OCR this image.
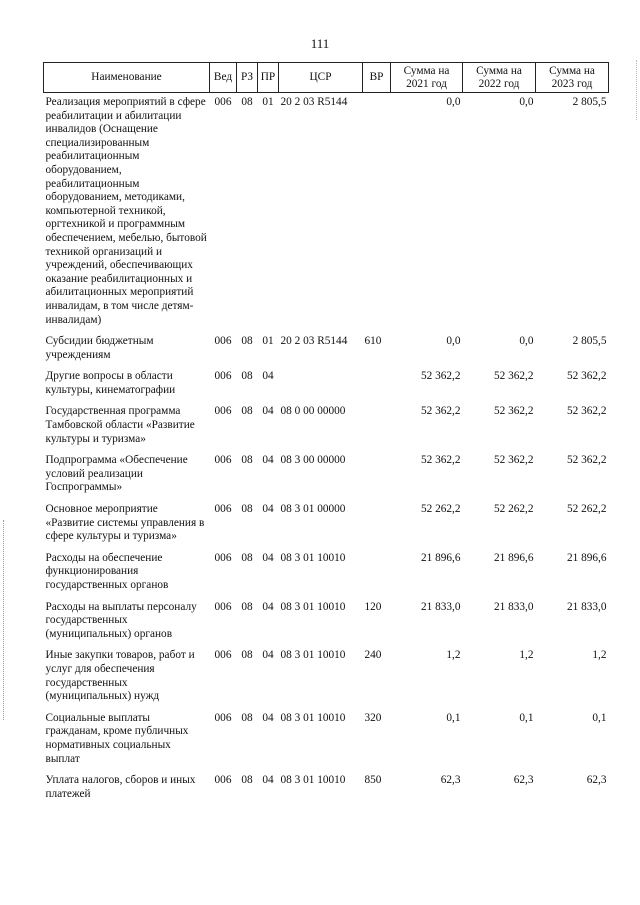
111
Наименование	Вед	РЗ	ПР	ЦСР	ВР	Сумма на 2021 год	Сумма на 2022 год	Сумма на 2023 год
Реализация мероприятий в сфере реабилитации и абилитации инвалидов (Оснащение специализированным реабилитационным оборудованием, реабилитационным оборудованием, методиками, компьютерной техникой, оргтехникой и программным обеспечением, мебелью, бытовой техникой организаций и учреждений, обеспечивающих оказание реабилитационных и абилитационных мероприятий инвалидам, в том числе детям-инвалидам)	006	08	01	20 2 03 R5144		0,0	0,0	2 805,5
Субсидии бюджетным учреждениям	006	08	01	20 2 03 R5144	610	0,0	0,0	2 805,5
Другие вопросы в области культуры, кинематографии	006	08	04			52 362,2	52 362,2	52 362,2
Государственная программа Тамбовской области «Развитие культуры и туризма»	006	08	04	08 0 00 00000		52 362,2	52 362,2	52 362,2
Подпрограмма «Обеспечение условий реализации Госпрограммы»	006	08	04	08 3 00 00000		52 362,2	52 362,2	52 362,2
Основное мероприятие «Развитие системы управления в сфере культуры и туризма»	006	08	04	08 3 01 00000		52 262,2	52 262,2	52 262,2
Расходы на обеспечение функционирования государственных органов	006	08	04	08 3 01 10010		21 896,6	21 896,6	21 896,6
Расходы на выплаты персоналу государственных (муниципальных) органов	006	08	04	08 3 01 10010	120	21 833,0	21 833,0	21 833,0
Иные закупки товаров, работ и услуг для обеспечения государственных (муниципальных) нужд	006	08	04	08 3 01 10010	240	1,2	1,2	1,2
Социальные выплаты гражданам, кроме публичных нормативных социальных выплат	006	08	04	08 3 01 10010	320	0,1	0,1	0,1
Уплата налогов, сборов и иных платежей	006	08	04	08 3 01 10010	850	62,3	62,3	62,3
